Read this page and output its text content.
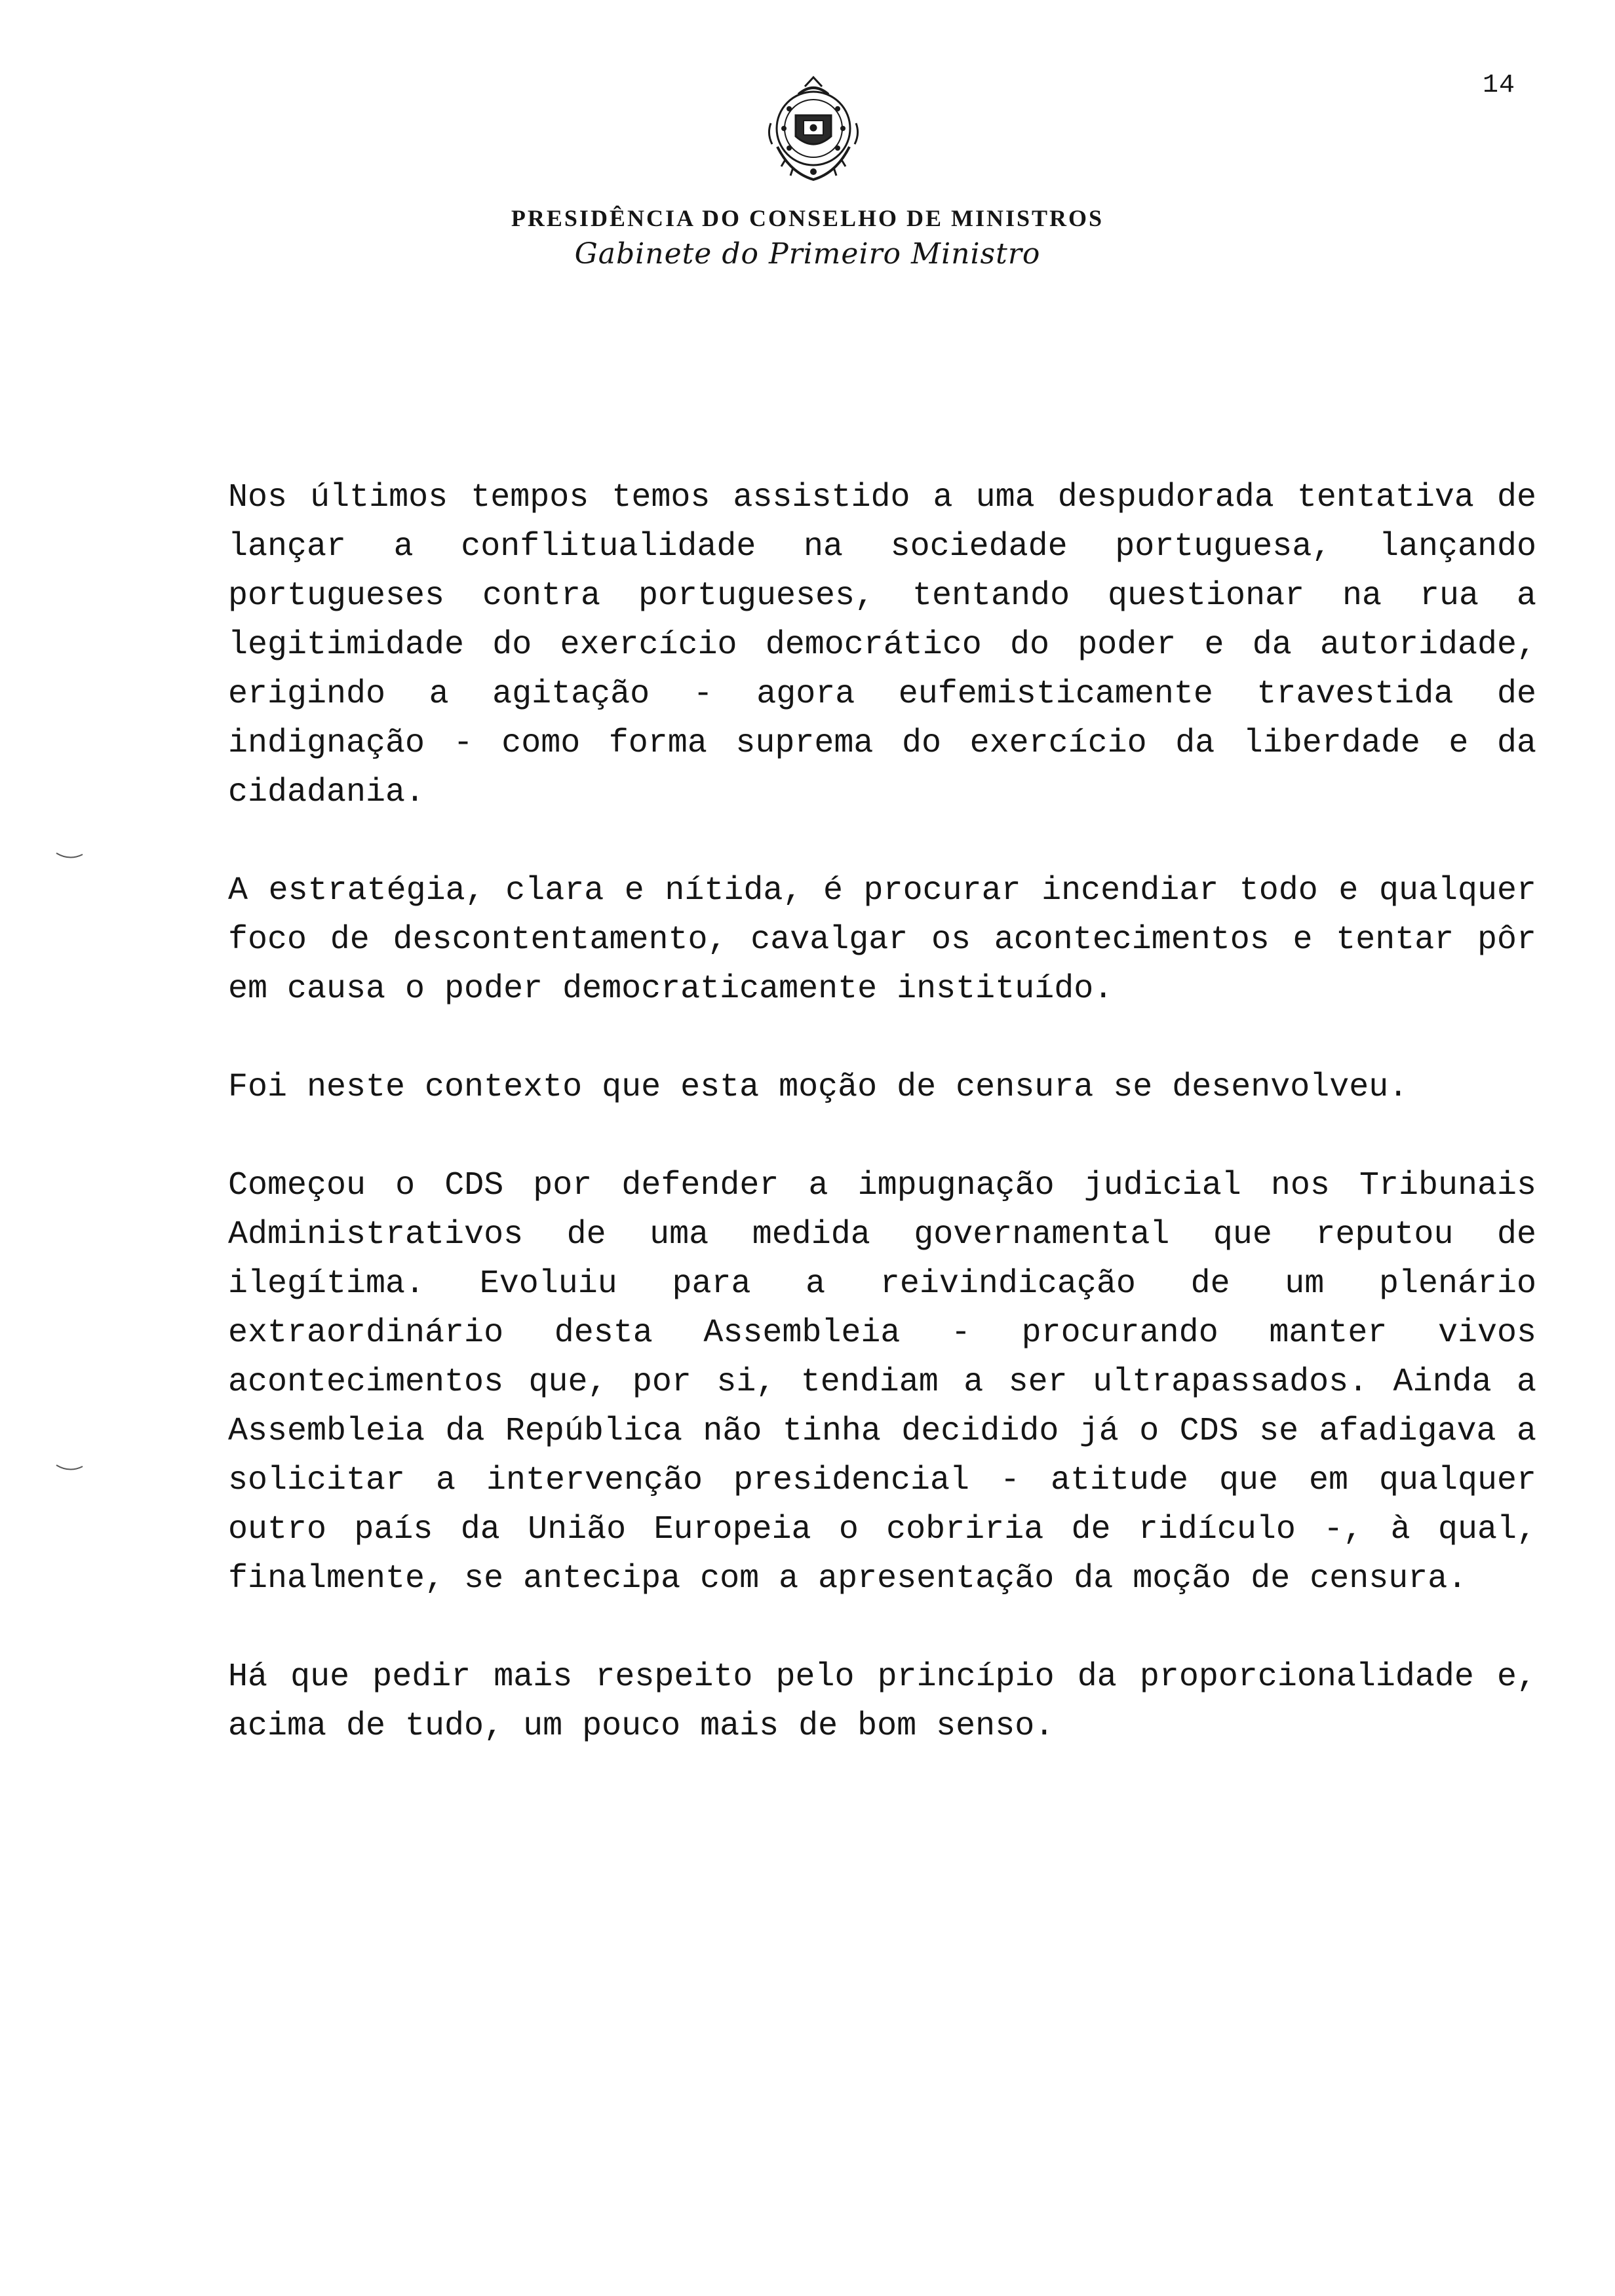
14
PRESIDÊNCIA DO CONSELHO DE MINISTROS
Gabinete do Primeiro Ministro

Nos últimos tempos temos assistido a uma despudorada tentativa de lançar a conflitualidade na sociedade portuguesa, lançando portugueses contra portugueses, tentando questionar na rua a legitimidade do exercício democrático do poder e da autoridade, erigindo a agitação - agora eufemisticamente travestida de indignação - como forma suprema do exercício da liberdade e da cidadania.

A estratégia, clara e nítida, é procurar incendiar todo e qualquer foco de descontentamento, cavalgar os acontecimentos e tentar pôr em causa o poder democraticamente instituído.

Foi neste contexto que esta moção de censura se desenvolveu.

Começou o CDS por defender a impugnação judicial nos Tribunais Administrativos de uma medida governamental que reputou de ilegítima. Evoluiu para a reivindicação de um plenário extraordinário desta Assembleia - procurando manter vivos acontecimentos que, por si, tendiam a ser ultrapassados. Ainda a Assembleia da República não tinha decidido já o CDS se afadigava a solicitar a intervenção presidencial - atitude que em qualquer outro país da União Europeia o cobriria de ridículo -, à qual, finalmente, se antecipa com a apresentação da moção de censura.

Há que pedir mais respeito pelo princípio da proporcionalidade e, acima de tudo, um pouco mais de bom senso.
